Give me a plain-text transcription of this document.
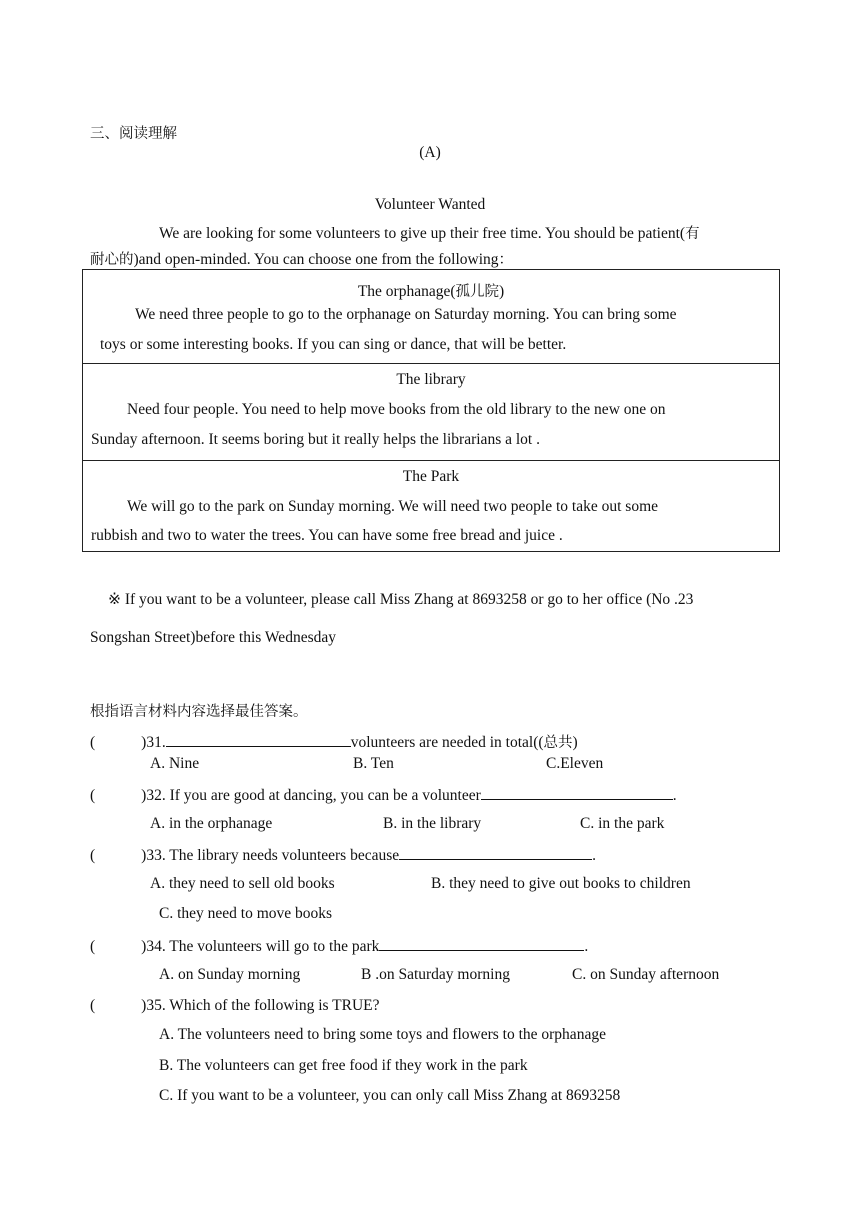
三、阅读理解
(A)
Volunteer Wanted
We are looking for some volunteers to give up their free time. You should be patient(有
耐心的)and open-minded. You can choose one from the following：
The orphanage(孤儿院)
We need three people to go to the orphanage on Saturday morning. You can bring some
toys or some interesting books. If you can sing or dance, that will be better.
The library
Need four people. You need to help move books from the old library to the new one on
Sunday afternoon. It seems boring but it really helps the librarians a lot .
The Park
We will go to the park on Sunday morning. We will need two people to take out some
rubbish and two to water the trees. You can have some free bread and juice .
※ If you want to be a volunteer, please call Miss Zhang at 8693258 or go to her office (No .23
Songshan Street)before this Wednesday
根指语言材料内容选择最佳答案。
(	)31.	volunteers are needed in total((总共)
A. Nine	B. Ten	C.Eleven
(	)32. If you are good at dancing, you can be a volunteer	.
A. in the orphanage	B. in the library	C. in the park
(	)33. The library needs volunteers because	.
A. they need to sell old books	B. they need to give out books to children
C. they need to move books
(	)34. The volunteers will go to the park	.
A. on Sunday morning	B .on Saturday morning	C. on Sunday afternoon
(	)35. Which of the following is TRUE?
A. The volunteers need to bring some toys and flowers to the orphanage
B. The volunteers can get free food if they work in the park
C. If you want to be a volunteer, you can only call Miss Zhang at 8693258
